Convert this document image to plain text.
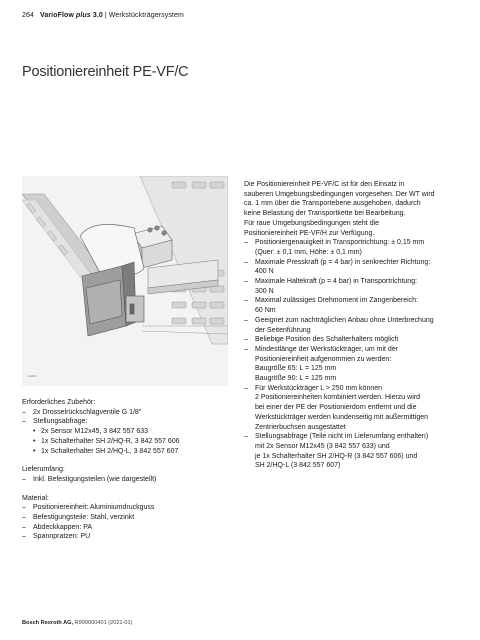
264 VarioFlow plus 3.0 | Werkstückträgersystem
Positioniereinheit PE-VF/C
10241

Erforderliches Zubehör:

– 2x Drosselrückschlagventile G 1/8"
– Stellungsabfrage:
• 2x Sensor M12x45, 3 842 557 633
• 1x Schalterhalter SH 2/HQ-R, 3 842 557 606
• 1x Schalterhalter SH 2/HQ-L, 3 842 557 607

Lieferumfang:

– Inkl. Befestigungsteilen (wie dargestellt)

Material:

– Positioniereinheit: Aluminiumdruckguss
– Befestigungsteile: Stahl, verzinkt
– Abdeckkappen: PA
– Spannpratzen: PU
Die Positioniereinheit PE-VF/C ist für den Einsatz in
sauberen Umgebungsbedingungen vorgesehen. Der WT wird
ca. 1 mm über die Transportebene ausgehoben, dadurch
keine Belastung der Transportkette bei Bearbeitung.
Für raue Umgebungsbedingungen steht die
Positioniereinheit PE-VF/H zur Verfügung.
– Positioniergenauigkeit in Transportrichtung: ± 0,15 mm
(Quer: ± 0,1 mm, Höhe: ± 0,1 mm)
– Maximale Presskraft (p = 4 bar) in senkrechter Richtung:
400 N
– Maximale Haltekraft (p = 4 bar) in Transportrichtung:
300 N
– Maximal zulässiges Drehmoment im Zangenbereich:
60 Nm
– Geeignet zum nachträglichen Anbau ohne Unterbrechung
der Seitenführung
– Beliebige Position des Schalterhalters möglich
– Mindestlänge der Werkstückträger, um mit der
Positioniereinheit aufgenommen zu werden:
Baugröße 65: L = 125 mm
Baugröße 90: L = 125 mm
– Für Werkstückträger L > 250 mm können
2 Positioniereinheiten kombiniert werden. Hierzu wird
bei einer der PE der Positionierdorn entfernt und die
Werkstückträger werden kundenseitig mit außermittigen
Zentrierbuchsen ausgestattet
– Stellungsabfrage (Teile nicht im Lieferumfang enthalten)
mit 2x Sensor M12x45 (3 842 557 633) und
je 1x Schalterhalter SH 2/HQ-R (3 842 557 606) und
SH 2/HQ-L (3 842 557 607)
Bosch Rexroth AG, R999000401 (2021-01)
